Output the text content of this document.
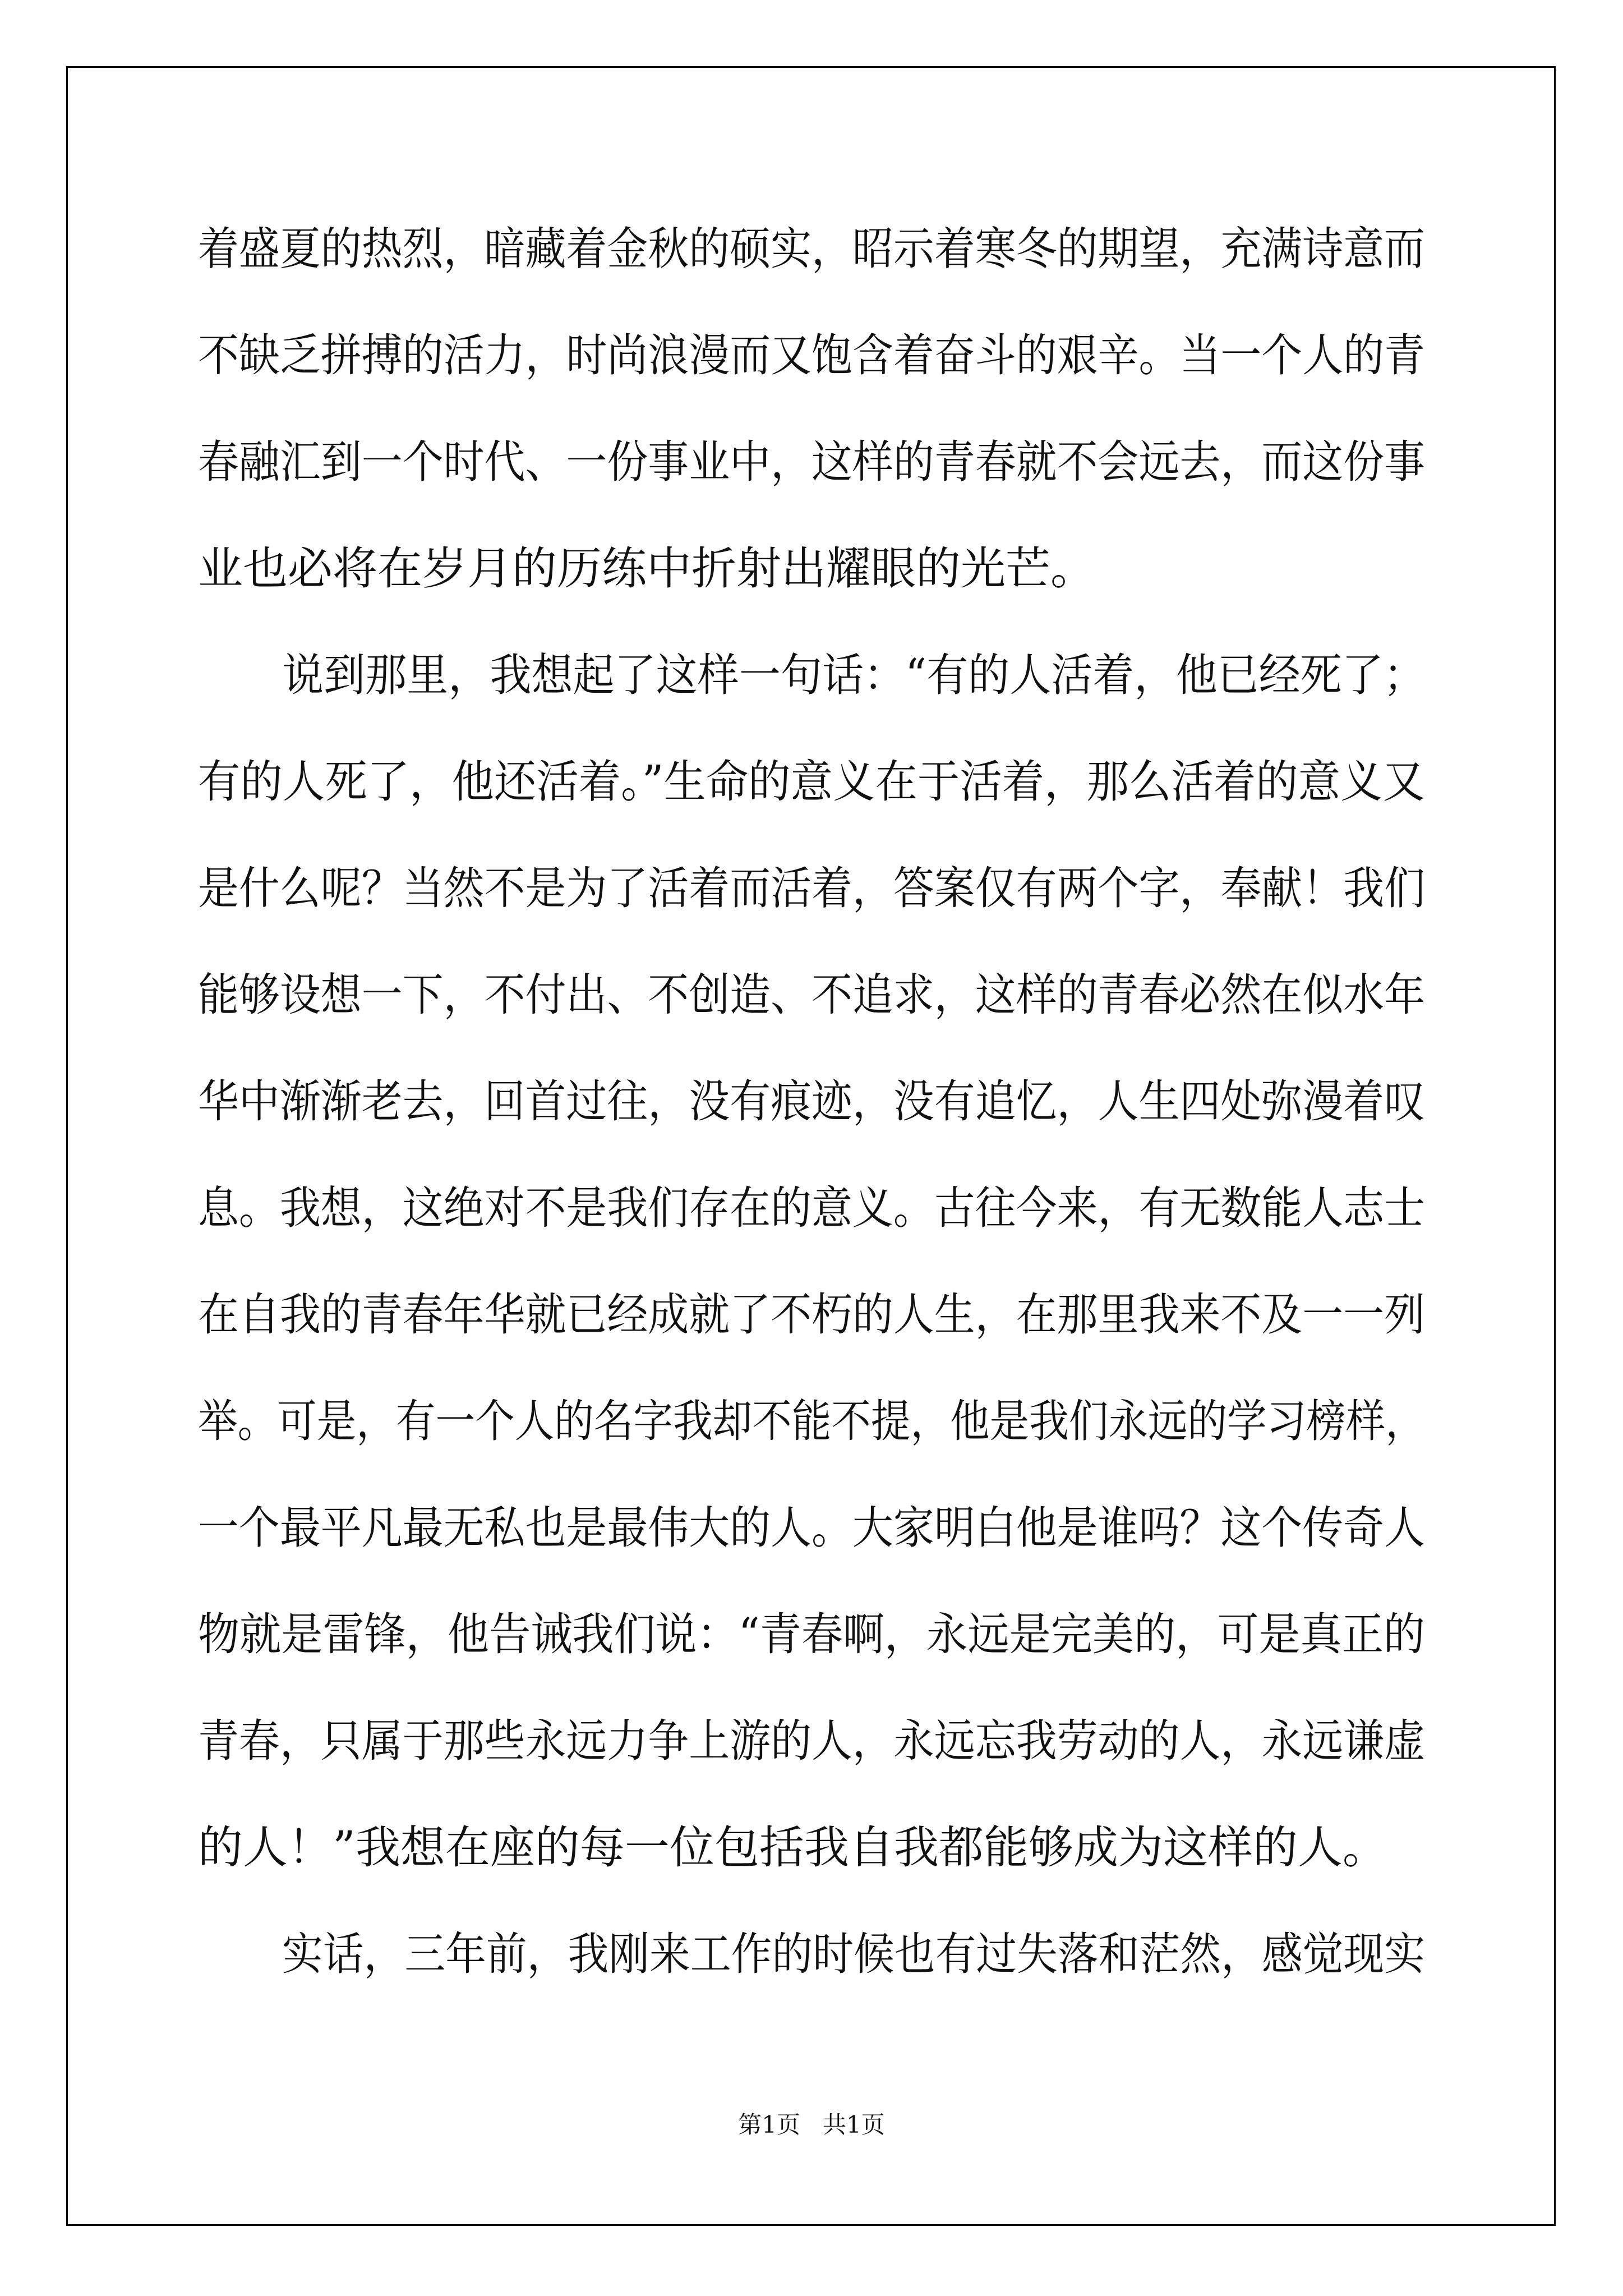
着盛夏的热烈，暗藏着金秋的硕实，昭示着寒冬的期望，充满诗意而
不缺乏拼搏的活力，时尚浪漫而又饱含着奋斗的艰辛。当一个人的青
春融汇到一个时代、一份事业中，这样的青春就不会远去，而这份事
业也必将在岁月的历练中折射出耀眼的光芒。
说到那里，我想起了这样一句话：“有的人活着，他已经死了；
有的人死了，他还活着。”生命的意义在于活着，那么活着的意义又
是什么呢？当然不是为了活着而活着，答案仅有两个字，奉献！我们
能够设想一下，不付出、不创造、不追求，这样的青春必然在似水年
华中渐渐老去，回首过往，没有痕迹，没有追忆，人生四处弥漫着叹
息。我想，这绝对不是我们存在的意义。古往今来，有无数能人志士
在自我的青春年华就已经成就了不朽的人生，在那里我来不及一一列
举。可是，有一个人的名字我却不能不提，他是我们永远的学习榜样，
一个最平凡最无私也是最伟大的人。大家明白他是谁吗？这个传奇人
物就是雷锋，他告诫我们说：“青春啊，永远是完美的，可是真正的
青春，只属于那些永远力争上游的人，永远忘我劳动的人，永远谦虚
的人！”我想在座的每一位包括我自我都能够成为这样的人。
实话，三年前，我刚来工作的时候也有过失落和茫然，感觉现实
第1页   共1页
